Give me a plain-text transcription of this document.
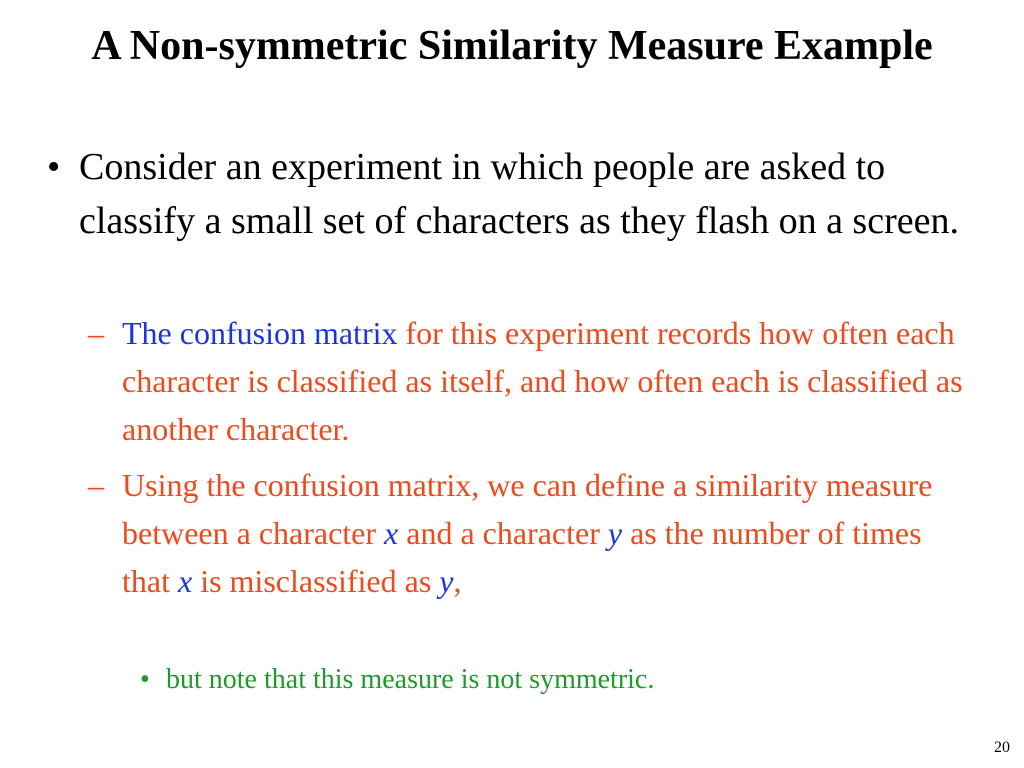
A Non-symmetric Similarity Measure Example
• Consider an experiment in which people are asked to classify a small set of characters as they flash on a screen.
– The confusion matrix for this experiment records how often each character is classified as itself, and how often each is classified as another character.
– Using the confusion matrix, we can define a similarity measure between a character x and a character y as the number of times that x is misclassified as y,
• but note that this measure is not symmetric.
20
